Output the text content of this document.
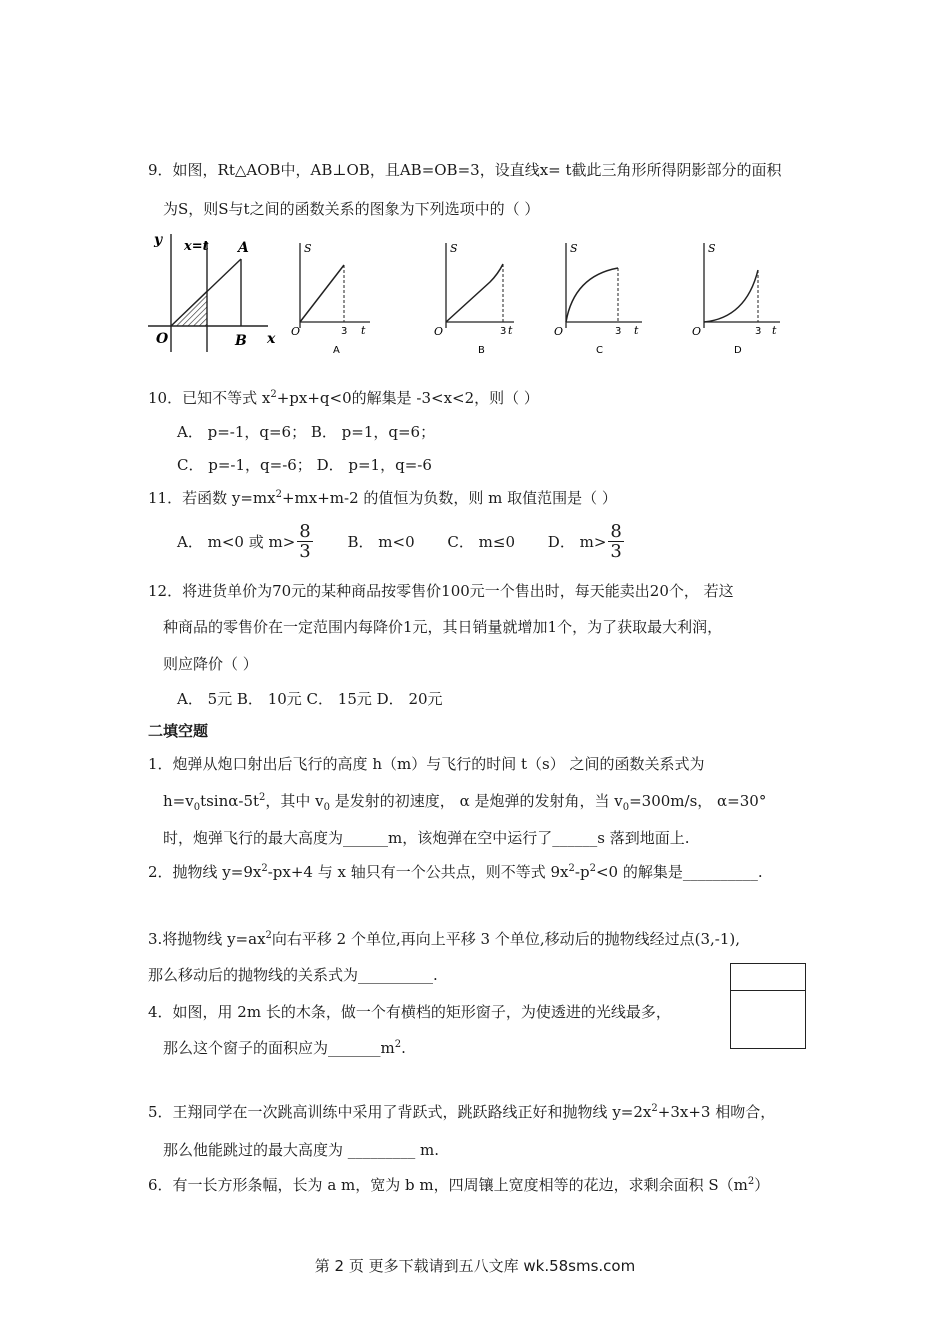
9．如图，Rt△AOB中，AB⊥OB，且AB=OB=3，设直线x= t截此三角形所得阴影部分的面积
为S，则S与t之间的函数关系的图象为下列选项中的（ ）
y x=t A
O	B x
S
O	3 t
A
S
O	3 t
B
S
O	3 t
C
S
O	3 t
D
10．已知不等式 $x^2+px+q<0$的解集是 -3<x<2，则（ ）
A． p=-1，q=6； B． p=1，q=6；
C． p=-1，q=-6； D． p=1，q=-6
11．若函数 $y=mx^2+mx+m-2$ 的值恒为负数，则 m 取值范围是（ ）
A． m<0 或 $m> \frac{8}{3}$ B． m<0 C． m≤0 D． $m> \frac{8}{3}$
12．将进货单价为70元的某种商品按零售价100元一个售出时，每天能卖出20个， 若这
种商品的零售价在一定范围内每降价1元，其日销量就增加1个，为了获取最大利润，
则应降价（ ）
A． 5元 B． 10元 C． 15元 D． 20元
二填空题
1．炮弹从炮口射出后飞行的高度 h（m）与飞行的时间 t（s） 之间的函数关系式为
$h=v_0tsin\alpha-5t^2$，其中 $v_0$ 是发射的初速度， α 是炮弹的发射角，当 $v_0=300m/s$， α=30°
时，炮弹飞行的最大高度为______m，该炮弹在空中运行了______s 落到地面上.
2．抛物线 $y=9x^2-px+4$ 与 x 轴只有一个公共点，则不等式 $9x^2-p^2<0$ 的解集是__________.
3.将抛物线 $y=ax^2$向右平移 2 个单位,再向上平移 3 个单位,移动后的抛物线经过点(3,-1),
那么移动后的抛物线的关系式为__________.
4．如图，用 2m 长的木条，做一个有横档的矩形窗子，为使透进的光线最多，
那么这个窗子的面积应为$\_\_\_\_\_\_\_m^2$.
5．王翔同学在一次跳高训练中采用了背跃式，跳跃路线正好和抛物线 $y=2x^2+3x+3$ 相吻合，
那么他能跳过的最大高度为 _________ m.
6．有一长方形条幅，长为 a m，宽为 b m，四周镶上宽度相等的花边，求剩余面积 $S(m^2)$
第 2 页 更多下载请到五八文库 wk.58sms.com
